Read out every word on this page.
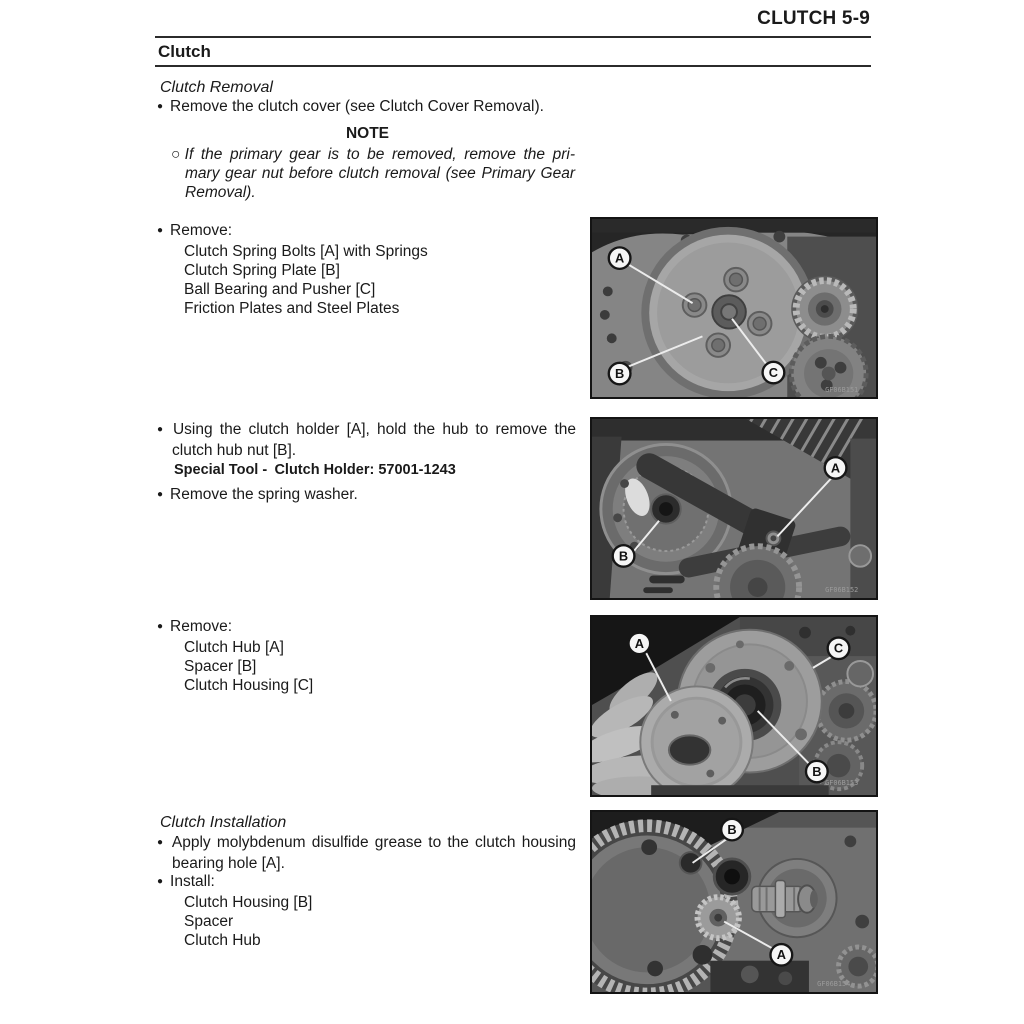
CLUTCH 5-9
Clutch
Clutch Removal
● Remove the clutch cover (see Clutch Cover Removal).
NOTE
○If the primary gear is to be removed, remove the pri-
mary gear nut before clutch removal (see Primary Gear
Removal).
● Remove:
Clutch Spring Bolts [A] with Springs
Clutch Spring Plate [B]
Ball Bearing and Pusher [C]
Friction Plates and Steel Plates
● Using the clutch holder [A], hold the hub to remove the
clutch hub nut [B].
Special Tool - Clutch Holder: 57001-1243
● Remove the spring washer.
● Remove:
Clutch Hub [A]
Spacer [B]
Clutch Housing [C]
Clutch Installation
● Apply molybdenum disulfide grease to the clutch housing
bearing hole [A].
● Install:
Clutch Housing [B]
Spacer
Clutch Hub
A
B	C
GF06B151
A
B
GF06B152
A	C
B
GF06B153
B
A
GF06B154
